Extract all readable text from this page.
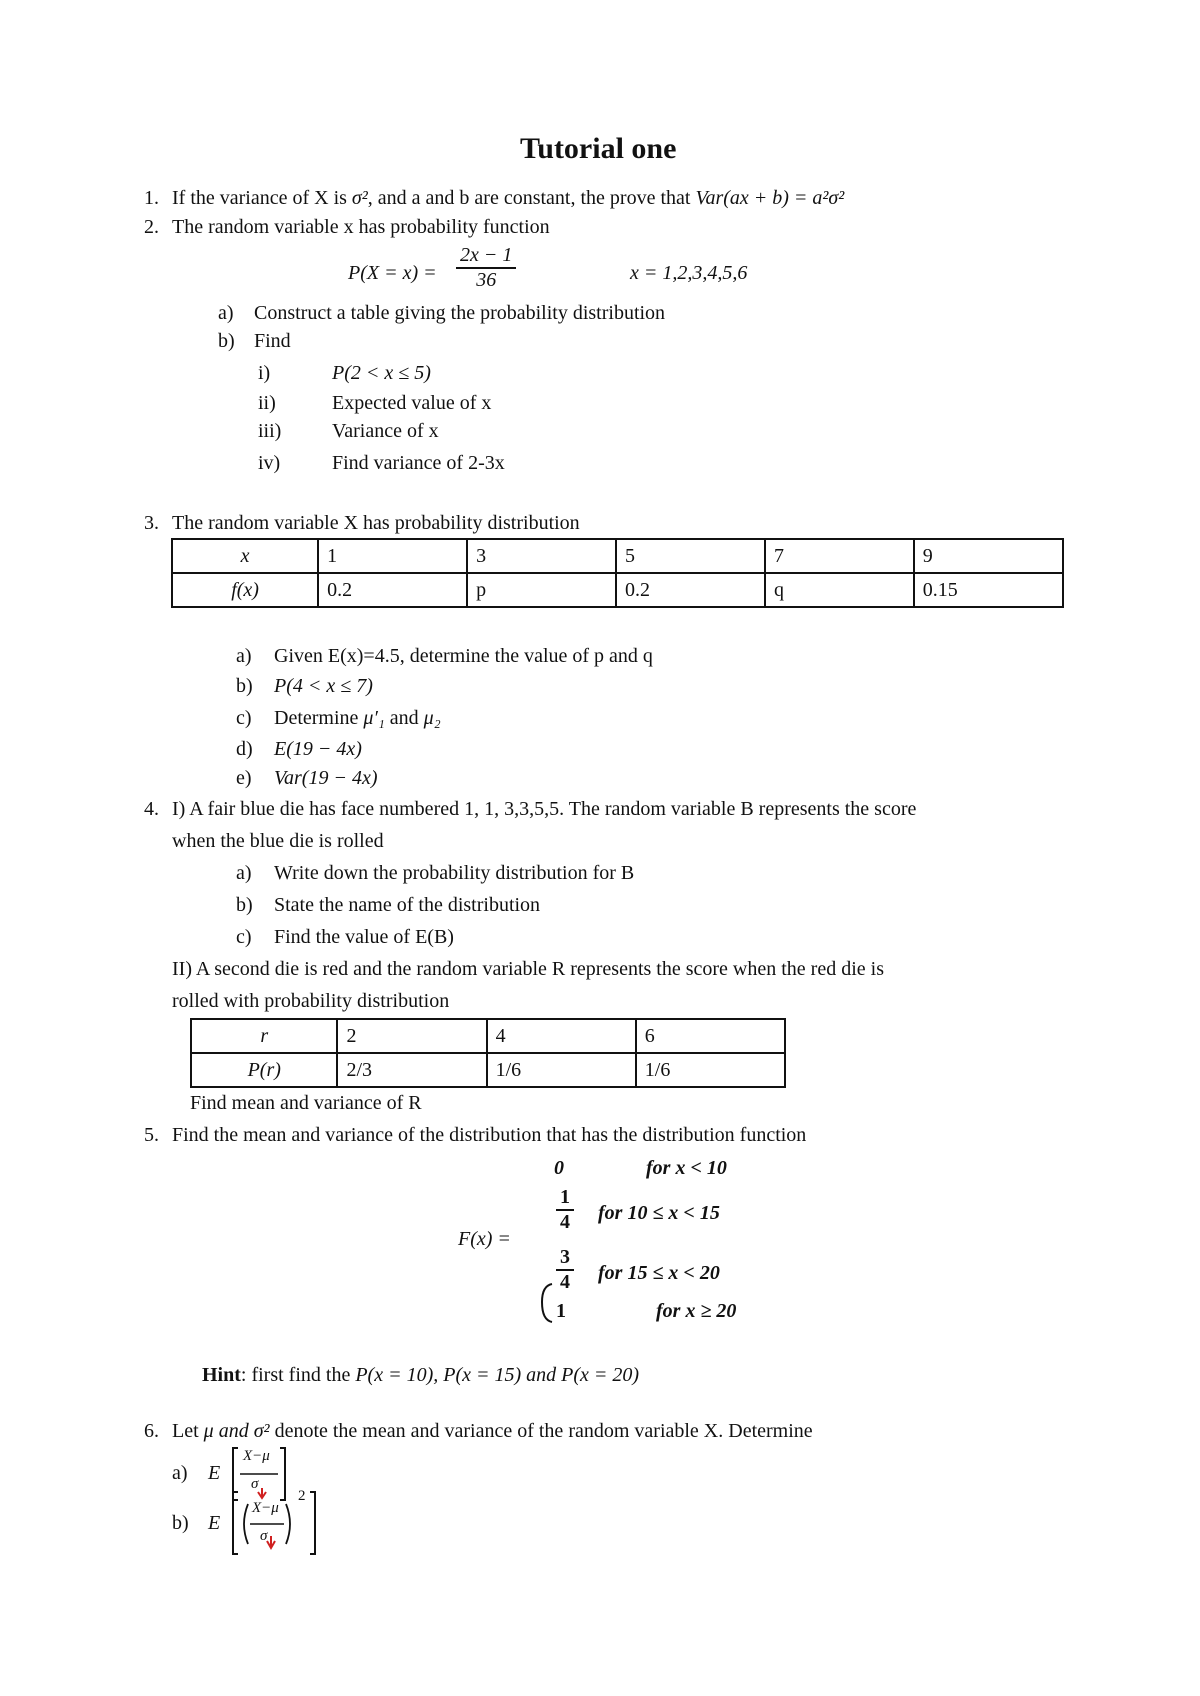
Tutorial one
1. If the variance of X is σ², and a and b are constant, the prove that Var(ax + b) = a²σ²
2. The random variable x has probability function
$P(X = x) = \frac{2x - 1}{36}$	x = 1,2,3,4,5,6
a) Construct a table giving the probability distribution
b) Find
i)	P(2 < x ≤ 5)
ii)	Expected value of x
iii)	Variance of x
iv)	Find variance of 2-3x
3. The random variable X has probability distribution
x	1	3	5	7	9
f(x)	0.2	p	0.2	q	0.15
a) Given E(x)=4.5, determine the value of p and q
b) P(4 < x ≤ 7)
c) Determine μ′₁ and μ₂
d) E(19 − 4x)
e) Var(19 − 4x)
4. I) A fair blue die has face numbered 1, 1, 3,3,5,5. The random variable B represents the score
when the blue die is rolled
a) Write down the probability distribution for B
b) State the name of the distribution
c) Find the value of E(B)
II) A second die is red and the random variable R represents the score when the red die is
rolled with probability distribution
r	2	4	6
P(r)	2/3	1/6	1/6
Find mean and variance of R
5. Find the mean and variance of the distribution that has the distribution function
F(x) =
0	for x < 10
$\frac{1}{4}$ for 10 ≤ x < 15
$\frac{3}{4}$ for 15 ≤ x < 20
1	for x ≥ 20
Hint: first find the P(x = 10), P(x = 15) and P(x = 20)
6. Let μ and σ² denote the mean and variance of the random variable X. Determine
a) E
X−μ
σ
b) E
X−μ
σ
2
